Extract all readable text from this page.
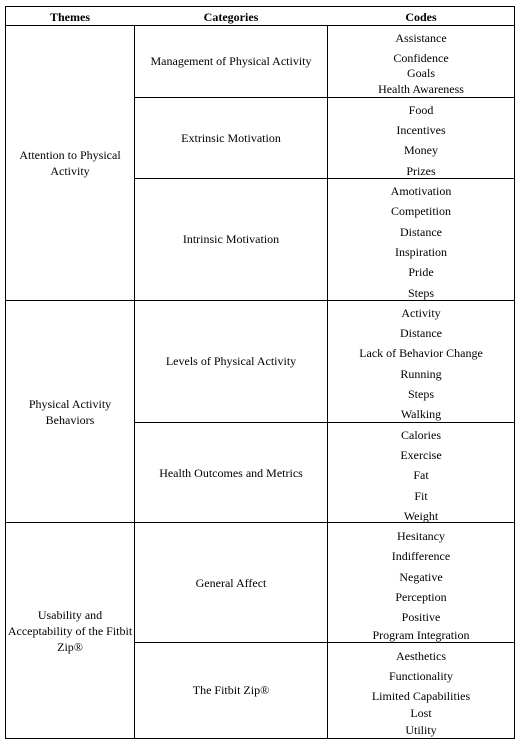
Themes	Categories	Codes
Attention to Physical Activity
Physical Activity Behaviors
Usability and Acceptability of the Fitbit Zip®
Management of Physical Activity
Extrinsic Motivation
Intrinsic Motivation
Levels of Physical Activity
Health Outcomes and Metrics
General Affect
The Fitbit Zip®
Assistance
Confidence
Goals
Health Awareness
Food
Incentives
Money
Prizes
Amotivation
Competition
Distance
Inspiration
Pride
Steps
Activity
Distance
Lack of Behavior Change
Running
Steps
Walking
Calories
Exercise
Fat
Fit
Weight
Hesitancy
Indifference
Negative
Perception
Positive
Program Integration
Aesthetics
Functionality
Limited Capabilities
Lost
Utility
